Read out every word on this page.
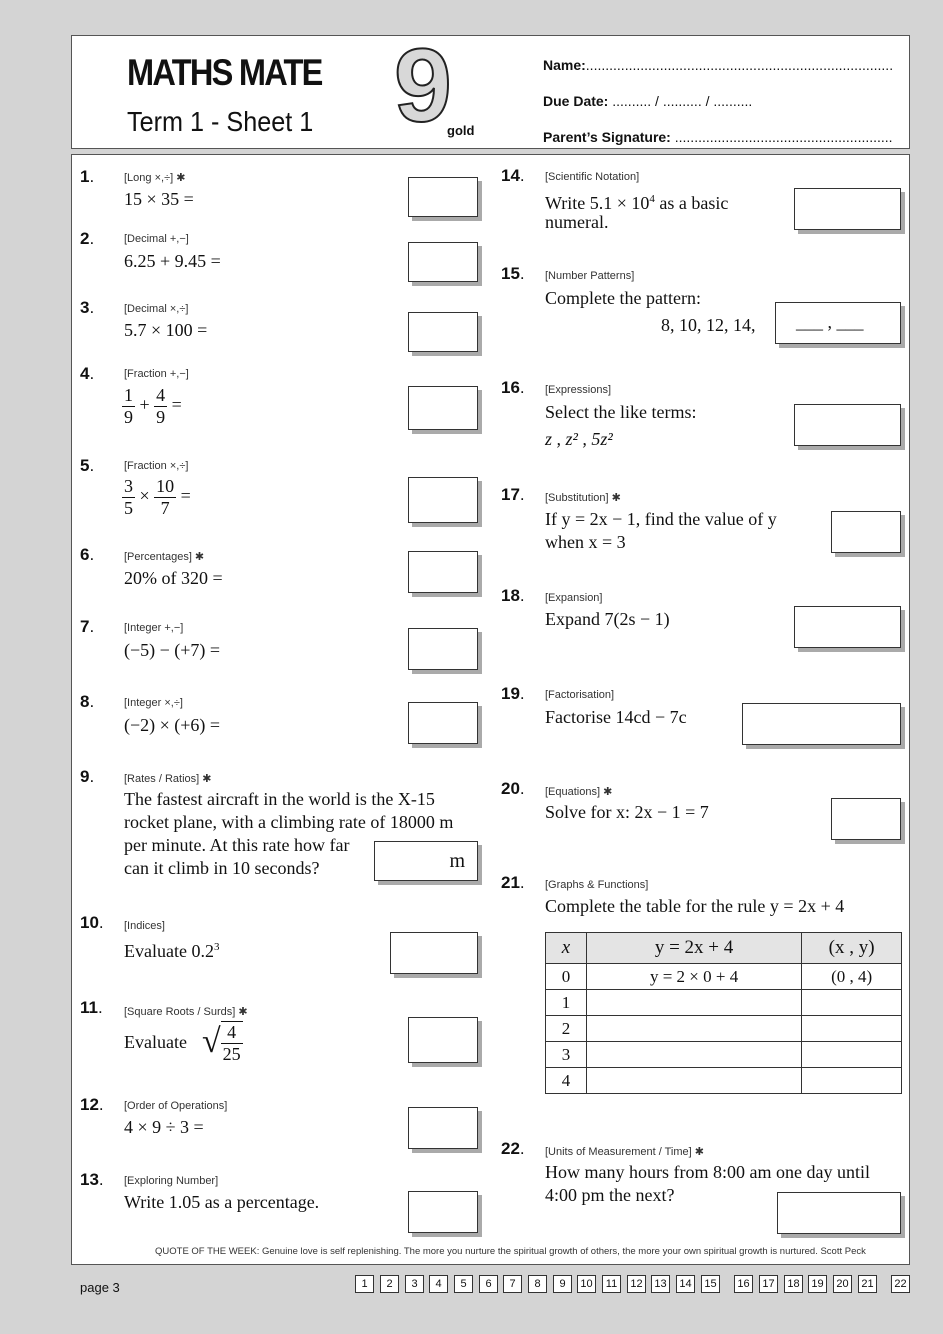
MATHS MATE
Term 1 - Sheet 1 9
gold
Name:...............................................................................
Due Date: .......... / .......... / ..........
Parent’s Signature: ........................................................
1.	[Long ×,÷] ✱
15 × 35 =
2.	[Decimal +,−]
6.25 + 9.45 =
3.	[Decimal ×,÷]
5.7 × 100 =
4.	[Fraction +,−]
$\frac{1}{9} + \frac{4}{9}$ =
5.	[Fraction ×,÷]
$\frac{3}{5} \times \frac{10}{7}$ =
6.	[Percentages] ✱
20% of 320 =
7.	[Integer +,−]
(−5) − (+7) =
8.	[Integer ×,÷]
(−2) × (+6) =
9.	[Rates / Ratios] ✱
The fastest aircraft in the world is the X-15
rocket plane, with a climbing rate of 18000 m
per minute. At this rate how far
can it climb in 10 seconds?	m
10. [Indices]
Evaluate $0.2^3$
11. [Square Roots / Surds] ✱
Evaluate √ $\frac{4}{25}$
12. [Order of Operations]
4 × 9 ÷ 3 =
13. [Exploring Number]
Write 1.05 as a percentage.
14. [Scientific Notation]
Write $5.1 \times 10^4$ as a basic
numeral.
15. [Number Patterns]
Complete the pattern:
8, 10, 12, 14, ___ , ___
16. [Expressions]
Select the like terms:
z , z² , 5z²
17. [Substitution] ✱
If y = 2x − 1, find the value of y
when x = 3
18. [Expansion]
Expand 7(2s − 1)
19. [Factorisation]
Factorise 14cd − 7c
20. [Equations] ✱
Solve for x: 2x − 1 = 7
21. [Graphs & Functions]
Complete the table for the rule y = 2x + 4
x	y = 2x + 4	(x , y)
0	y = 2 × 0 + 4	(0 , 4)
1		
2		
3		
4		
22. [Units of Measurement / Time] ✱
How many hours from 8:00 am one day until
4:00 pm the next?
QUOTE OF THE WEEK: Genuine love is self replenishing. The more you nurture the spiritual growth of others, the more your own spiritual growth is nurtured. Scott Peck
page 3	1	2	3	4	5	6	7	8	9	10	11	12	13	14	15	16	17	18	19	20	21	22
